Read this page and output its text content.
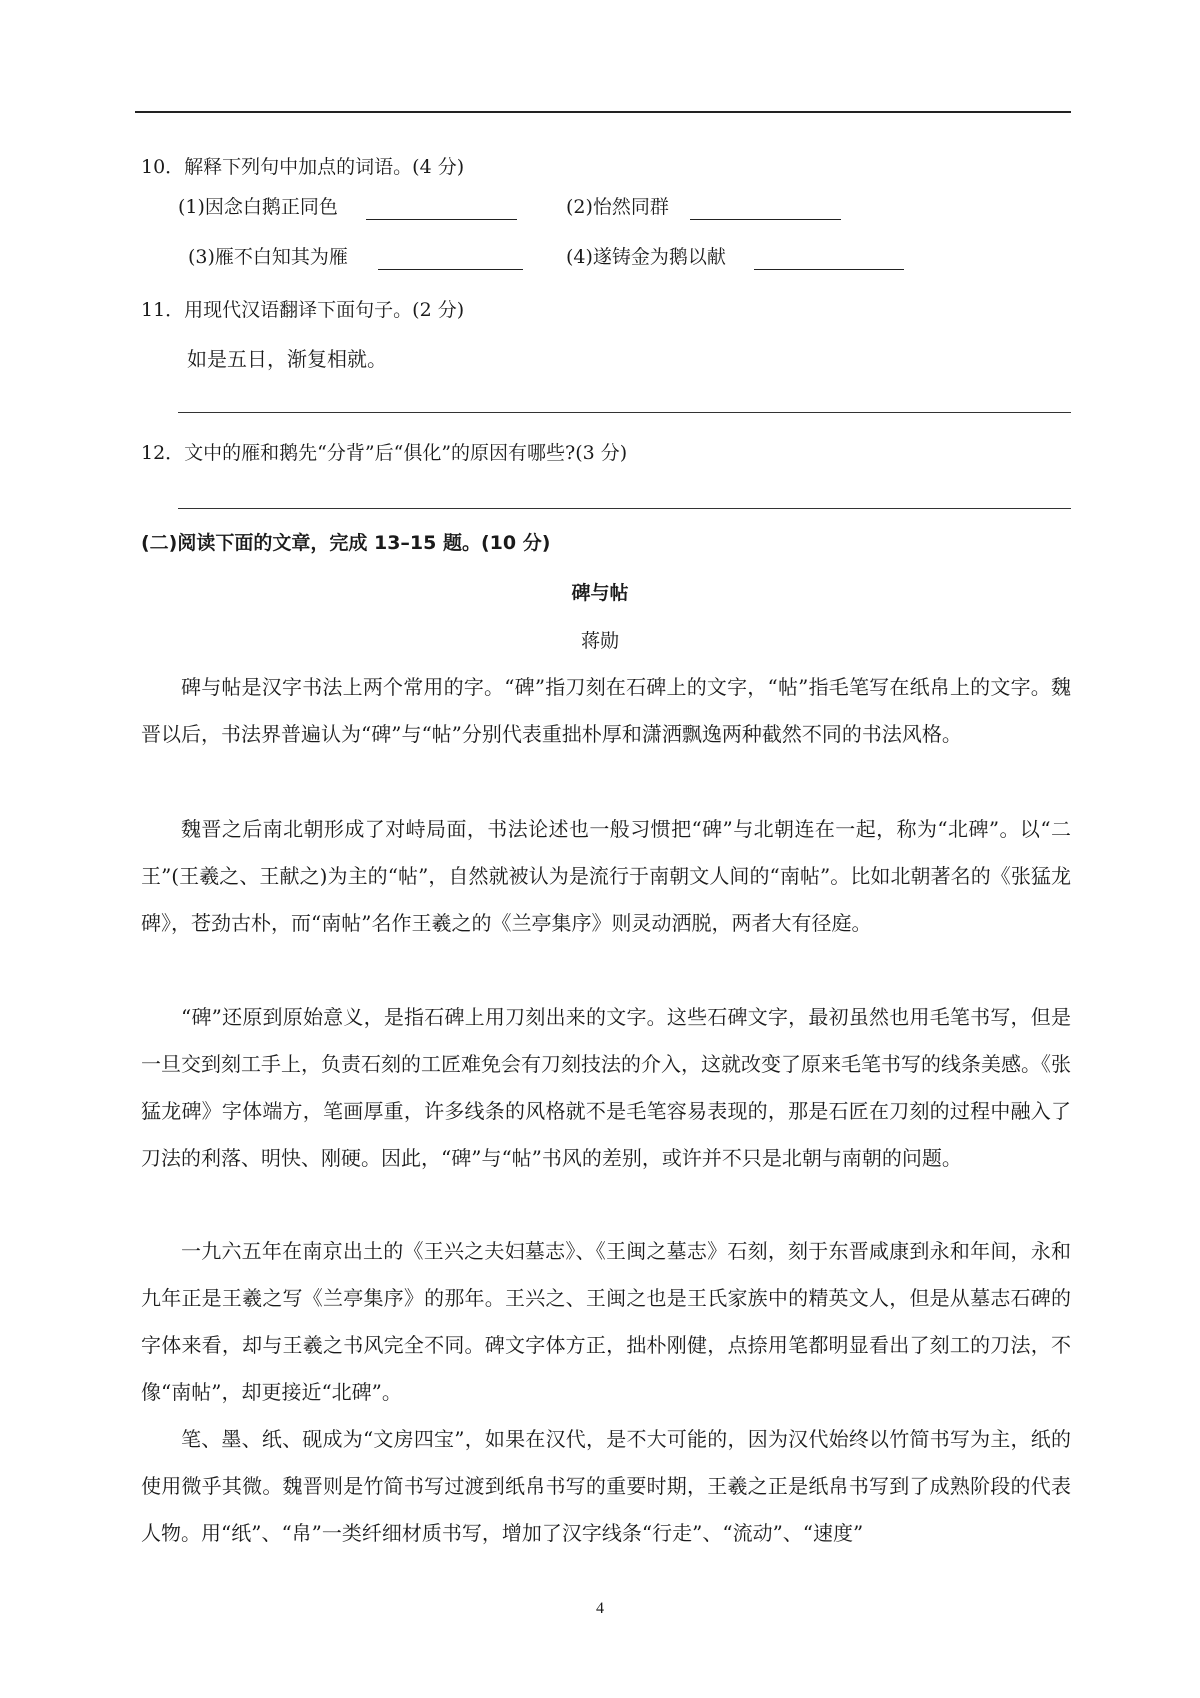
10．解释下列句中加点的词语。(4 分)
(1)因念白鹅正同色	(2)怡然同群
(3)雁不白知其为雁	(4)遂铸金为鹅以献
11．用现代汉语翻译下面句子。(2 分)
如是五日，渐复相就。
12．文中的雁和鹅先“分背”后“俱化”的原因有哪些?(3 分)
(二)阅读下面的文章，完成 13–15 题。(10 分)
碑与帖
蒋勋

碑与帖是汉字书法上两个常用的字。“碑”指刀刻在石碑上的文字，“帖”指毛笔写在纸帛上的文字。魏晋以后，书法界普遍认为“碑”与“帖”分别代表重拙朴厚和潇洒飘逸两种截然不同的书法风格。

魏晋之后南北朝形成了对峙局面，书法论述也一般习惯把“碑”与北朝连在一起，称为“北碑”。以“二王”(王羲之、王献之)为主的“帖”，自然就被认为是流行于南朝文人间的“南帖”。比如北朝著名的《张猛龙碑》，苍劲古朴，而“南帖”名作王羲之的《兰亭集序》则灵动洒脱，两者大有径庭。

“碑”还原到原始意义，是指石碑上用刀刻出来的文字。这些石碑文字，最初虽然也用毛笔书写，但是一旦交到刻工手上，负责石刻的工匠难免会有刀刻技法的介入，这就改变了原来毛笔书写的线条美感。《张猛龙碑》字体端方，笔画厚重，许多线条的风格就不是毛笔容易表现的，那是石匠在刀刻的过程中融入了刀法的利落、明快、刚硬。因此，“碑”与“帖”书风的差别，或许并不只是北朝与南朝的问题。

一九六五年在南京出土的《王兴之夫妇墓志》、《王闽之墓志》石刻，刻于东晋咸康到永和年间，永和九年正是王羲之写《兰亭集序》的那年。王兴之、王闽之也是王氏家族中的精英文人，但是从墓志石碑的字体来看，却与王羲之书风完全不同。碑文字体方正，拙朴刚健，点捺用笔都明显看出了刻工的刀法，不像“南帖”，却更接近“北碑”。

笔、墨、纸、砚成为“文房四宝”，如果在汉代，是不大可能的，因为汉代始终以竹简书写为主，纸的使用微乎其微。魏晋则是竹简书写过渡到纸帛书写的重要时期，王羲之正是纸帛书写到了成熟阶段的代表人物。用“纸”、“帛”一类纤细材质书写，增加了汉字线条“行走”、“流动”、“速度”

4
